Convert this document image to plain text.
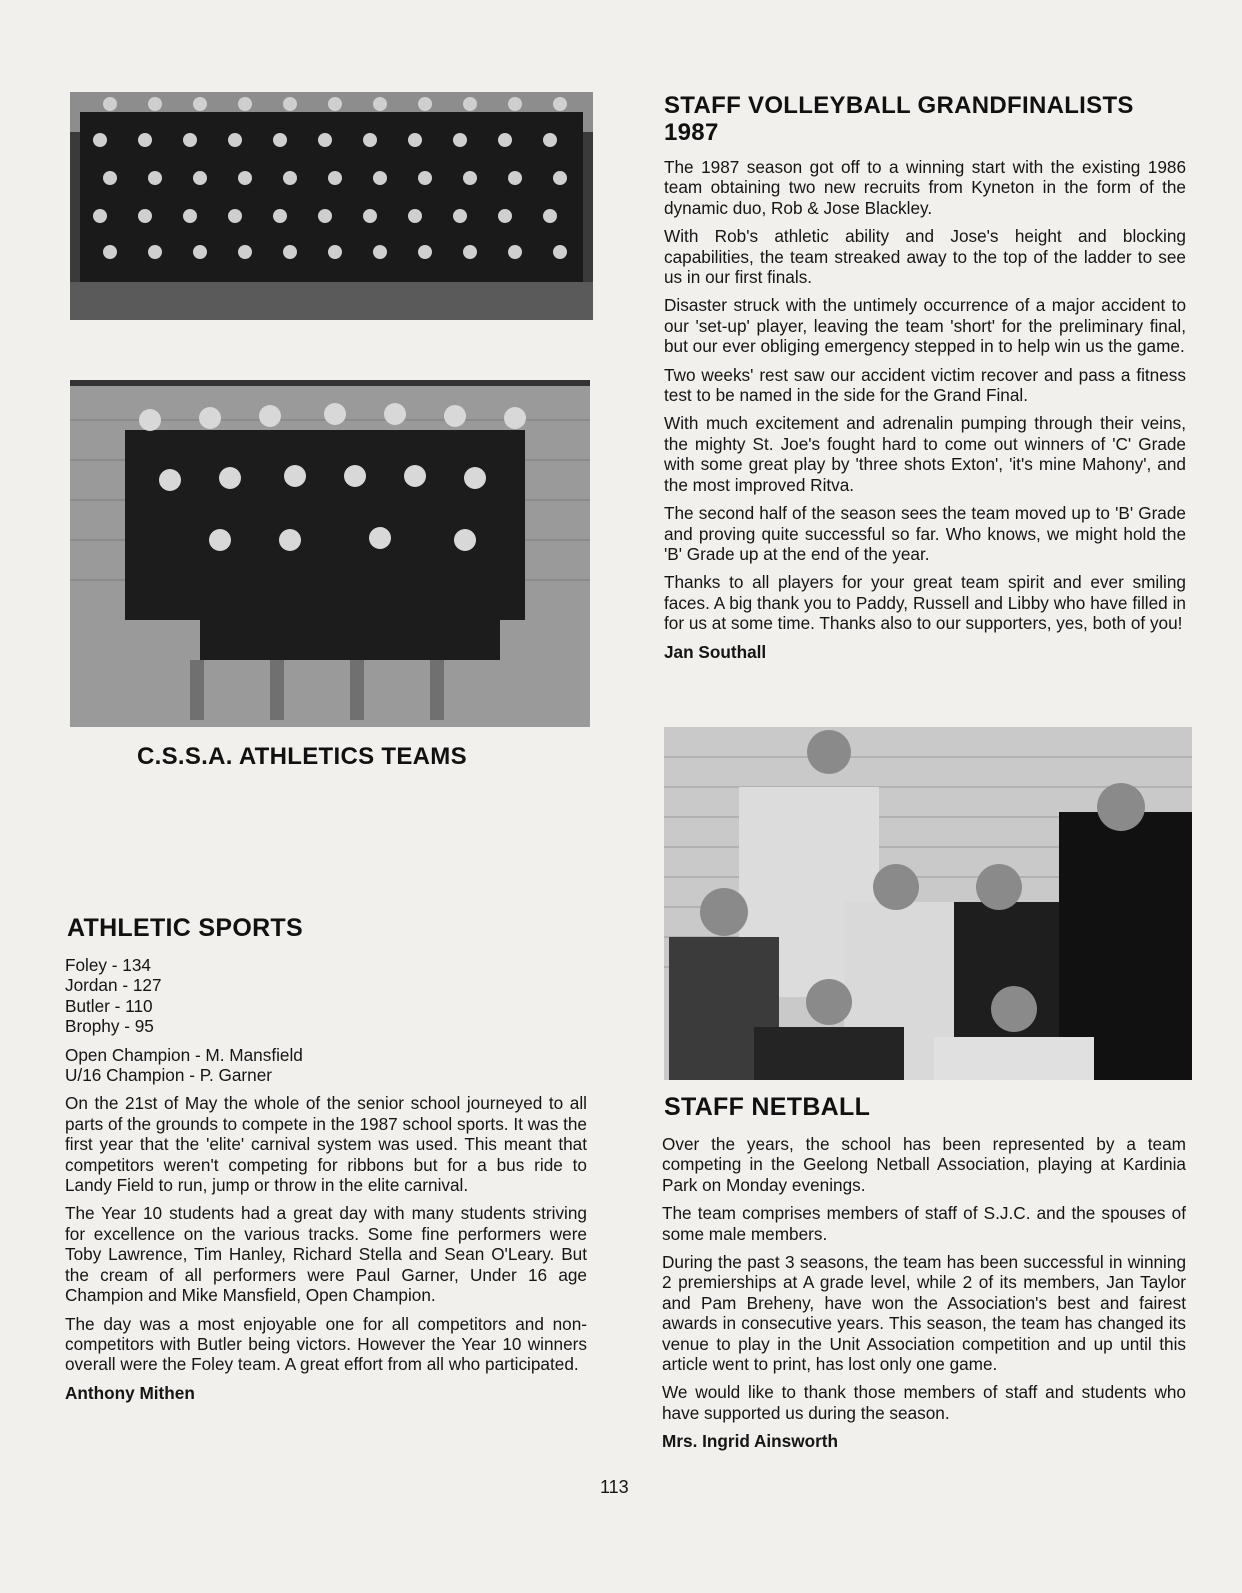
C.S.S.A. ATHLETICS TEAMS
ATHLETIC SPORTS
Foley - 134
Jordan - 127
Butler - 110
Brophy - 95
Open Champion - M. Mansfield
U/16 Champion - P. Garner

On the 21st of May the whole of the senior school journeyed to all parts of the grounds to compete in the 1987 school sports. It was the first year that the 'elite' carnival system was used. This meant that competitors weren't competing for ribbons but for a bus ride to Landy Field to run, jump or throw in the elite carnival.

The Year 10 students had a great day with many students striving for excellence on the various tracks. Some fine performers were Toby Lawrence, Tim Hanley, Richard Stella and Sean O'Leary. But the cream of all performers were Paul Garner, Under 16 age Champion and Mike Mansfield, Open Champion.

The day was a most enjoyable one for all competitors and non-competitors with Butler being victors. However the Year 10 winners overall were the Foley team. A great effort from all who participated.

Anthony Mithen
STAFF VOLLEYBALL GRANDFINALISTS
1987

The 1987 season got off to a winning start with the existing 1986 team obtaining two new recruits from Kyneton in the form of the dynamic duo, Rob & Jose Blackley.

With Rob's athletic ability and Jose's height and blocking capabilities, the team streaked away to the top of the ladder to see us in our first finals.

Disaster struck with the untimely occurrence of a major accident to our 'set-up' player, leaving the team 'short' for the preliminary final, but our ever obliging emergency stepped in to help win us the game.

Two weeks' rest saw our accident victim recover and pass a fitness test to be named in the side for the Grand Final.

With much excitement and adrenalin pumping through their veins, the mighty St. Joe's fought hard to come out winners of 'C' Grade with some great play by 'three shots Exton', 'it's mine Mahony', and the most improved Ritva.

The second half of the season sees the team moved up to 'B' Grade and proving quite successful so far. Who knows, we might hold the 'B' Grade up at the end of the year.

Thanks to all players for your great team spirit and ever smiling faces. A big thank you to Paddy, Russell and Libby who have filled in for us at some time. Thanks also to our supporters, yes, both of you!

Jan Southall
STAFF NETBALL

Over the years, the school has been represented by a team competing in the Geelong Netball Association, playing at Kardinia Park on Monday evenings.

The team comprises members of staff of S.J.C. and the spouses of some male members.

During the past 3 seasons, the team has been successful in winning 2 premierships at A grade level, while 2 of its members, Jan Taylor and Pam Breheny, have won the Association's best and fairest awards in consecutive years. This season, the team has changed its venue to play in the Unit Association competition and up until this article went to print, has lost only one game.

We would like to thank those members of staff and students who have supported us during the season.

Mrs. Ingrid Ainsworth
113
